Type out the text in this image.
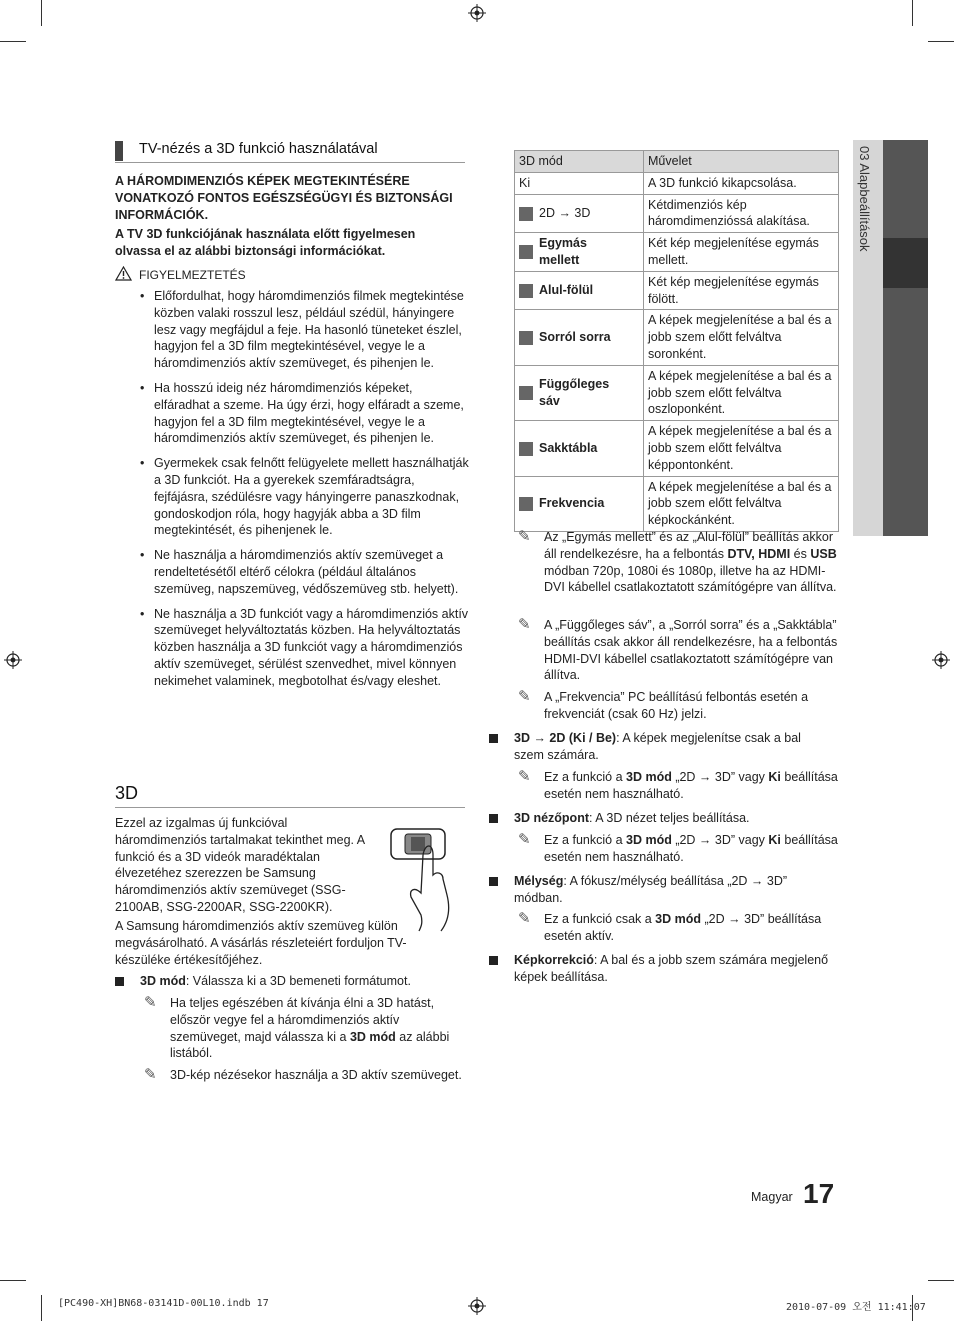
TV-nézés a 3D funkció használatával
A HÁROMDIMENZIÓS KÉPEK MEGTEKINTÉSÉRE VONATKOZÓ FONTOS EGÉSZSÉGÜGYI ÉS BIZTONSÁGI INFORMÁCIÓK.
A TV 3D funkciójának használata előtt figyelmesen olvassa el az alábbi biztonsági információkat.
FIGYELMEZTETÉS
• Előfordulhat, hogy háromdimenziós filmek megtekintése közben valaki rosszul lesz, például szédül, hányingere lesz vagy megfájdul a feje. Ha hasonló tüneteket észlel, hagyjon fel a 3D film megtekintésével, vegye le a háromdimenziós aktív szemüveget, és pihenjen le.
• Ha hosszú ideig néz háromdimenziós képeket, elfáradhat a szeme. Ha úgy érzi, hogy elfáradt a szeme, hagyjon fel a 3D film megtekintésével, vegye le a háromdimenziós aktív szemüveget, és pihenjen le.
• Gyermekek csak felnőtt felügyelete mellett használhatják a 3D funkciót. Ha a gyerekek szemfáradtságra, fejfájásra, szédülésre vagy hányingerre panaszkodnak, gondoskodjon róla, hogy hagyják abba a 3D film megtekintését, és pihenjenek le.
• Ne használja a háromdimenziós aktív szemüveget a rendeltetésétől eltérő célokra (például általános szemüveg, napszemüveg, védőszemüveg stb. helyett).
• Ne használja a 3D funkciót vagy a háromdimenziós aktív szemüveget helyváltoztatás közben. Ha helyváltoztatás közben használja a 3D funkciót vagy a háromdimenziós aktív szemüveget, sérülést szenvedhet, mivel könnyen nekimehet valaminek, megbotolhat és/vagy eleshet.
3D
Ezzel az izgalmas új funkcióval háromdimenziós tartalmakat tekinthet meg. A funkció és a 3D videók maradéktalan élvezetéhez szerezzen be Samsung háromdimenziós aktív szemüveget (SSG-2100AB, SSG-2200AR, SSG-2200KR).
A Samsung háromdimenziós aktív szemüveg külön megvásárolható. A vásárlás részleteiért forduljon TV-készüléke értékesítőjéhez.
3D mód: Válassza ki a 3D bemeneti formátumot.
✎ Ha teljes egészében át kívánja élni a 3D hatást, először vegye fel a háromdimenziós aktív szemüveget, majd válassza ki a 3D mód az alábbi listából.
✎ 3D-kép nézésekor használja a 3D aktív szemüveget.
3D mód	Művelet
Ki	A 3D funkció kikapcsolása.
2D → 3D	Kétdimenziós kép háromdimenzióssá alakítása.
Egymás mellett	Két kép megjelenítése egymás mellett.
Alul-fölül	Két kép megjelenítése egymás fölött.
Sorról sorra	A képek megjelenítése a bal és a jobb szem előtt felváltva soronként.
Függőleges sáv	A képek megjelenítése a bal és a jobb szem előtt felváltva oszloponként.
Sakktábla	A képek megjelenítése a bal és a jobb szem előtt felváltva képpontonként.
Frekvencia	A képek megjelenítése a bal és a jobb szem előtt felváltva képkockánként.
✎ Az „Egymás mellett” és az „Alul-fölül” beállítás akkor áll rendelkezésre, ha a felbontás DTV, HDMI és USB módban 720p, 1080i és 1080p, illetve ha az HDMI-DVI kábellel csatlakoztatott számítógépre van állítva.
✎ A „Függőleges sáv”, a „Sorról sorra” és a „Sakktábla” beállítás csak akkor áll rendelkezésre, ha a felbontás HDMI-DVI kábellel csatlakoztatott számítógépre van állítva.
✎ A „Frekvencia” PC beállítású felbontás esetén a frekvenciát (csak 60 Hz) jelzi.
3D → 2D (Ki / Be): A képek megjelenítse csak a bal szem számára.
✎ Ez a funkció a 3D mód „2D → 3D” vagy Ki beállítása esetén nem használható.
3D nézőpont: A 3D nézet teljes beállítása.
✎ Ez a funkció a 3D mód „2D → 3D” vagy Ki beállítása esetén nem használható.
Mélység: A fókusz/mélység beállítása „2D → 3D” módban.
✎ Ez a funkció csak a 3D mód „2D → 3D” beállítása esetén aktív.
Képkorrekció: A bal és a jobb szem számára megjelenő képek beállítása.
03 Alapbeállítások
Magyar 17
[PC490-XH]BN68-03141D-00L10.indb 17	2010-07-09 오전 11:41:07
